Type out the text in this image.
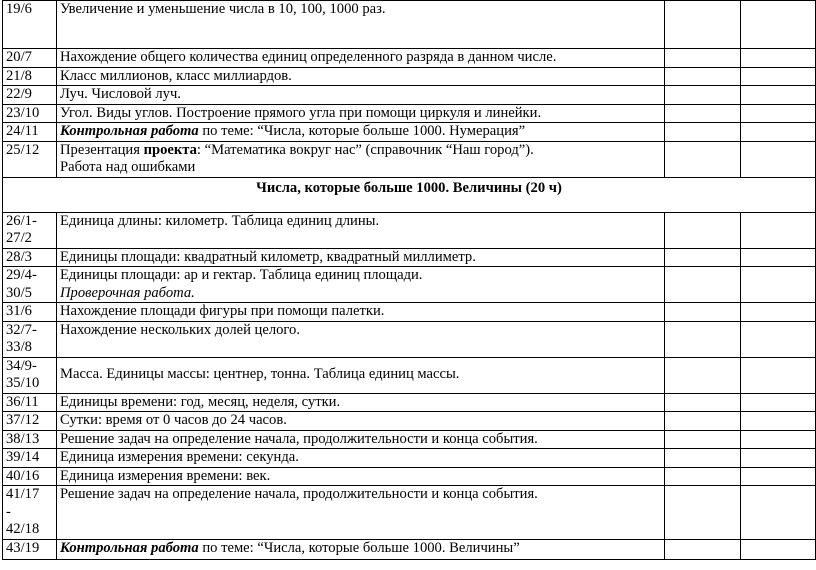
19/6	Увеличение и уменьшение числа в 10, 100, 1000 раз.		
20/7	Нахождение общего количества единиц определенного разряда в данном числе.		
21/8	Класс миллионов, класс миллиардов.		
22/9	Луч. Числовой луч.		
23/10	Угол. Виды углов. Построение прямого угла при помощи циркуля и линейки.		
24/11	Контрольная работа по теме: “Числа, которые больше 1000. Нумерация”		
25/12	Презентация проекта: “Математика вокруг нас” (справочник “Наш город”).
Работа над ошибками		

Числа, которые больше 1000. Величины (20 ч)			

26/1-
27/2	Единица длины: километр. Таблица единиц длины.		
28/3	Единицы площади: квадратный километр, квадратный миллиметр.		

29/4-
30/5	Единицы площади: ар и гектар. Таблица единиц площади.
Проверочная работа.		

31/6	Нахождение площади фигуры при помощи палетки.		

32/7-
33/8	Нахождение нескольких долей целого.		

34/9-
35/10	Масса. Единицы массы: центнер, тонна. Таблица единиц массы.		
36/11	Единицы времени: год, месяц, неделя, сутки.		
37/12	Сутки: время от 0 часов до 24 часов.		
38/13	Решение задач на определение начала, продолжительности и конца события.		
39/14	Единица измерения времени: секунда.		
40/16	Единица измерения времени: век.		

41/17
-
42/18	Решение задач на определение начала, продолжительности и конца события.		
43/19	Контрольная работа по теме: “Числа, которые больше 1000. Величины”		
